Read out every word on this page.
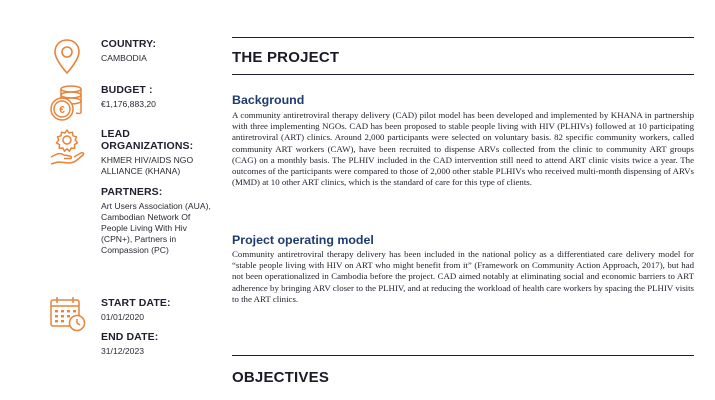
COUNTRY:
CAMBODIA
€
BUDGET :
€1,176,883,20
LEAD ORGANIZATIONS:
KHMER HIV/AIDS NGO ALLIANCE (KHANA)
PARTNERS:
Art Users Association (AUA), Cambodian Network Of People Living With Hiv (CPN+), Partners in Compassion (PC)
START DATE:
01/01/2020
END DATE:
31/12/2023
THE PROJECT
Background
A community antiretroviral therapy delivery (CAD) pilot model has been developed and implemented by KHANA in partnership with three implementing NGOs. CAD has been proposed to stable people living with HIV (PLHIVs) followed at 10 participating antiretroviral (ART) clinics. Around 2,000 participants were selected on voluntary basis. 82 specific community workers, called community ART workers (CAW), have been recruited to dispense ARVs collected from the clinic to community ART groups (CAG) on a monthly basis. The PLHIV included in the CAD intervention still need to attend ART clinic visits twice a year. The outcomes of the participants were compared to those of 2,000 other stable PLHIVs who received multi-month dispensing of ARVs (MMD) at 10 other ART clinics, which is the standard of care for this type of clients.
Project operating model
Community antiretroviral therapy delivery has been included in the national policy as a differentiated care delivery model for “stable people living with HIV on ART who might benefit from it” (Framework on Community Action Approach, 2017), but had not been operationalized in Cambodia before the project. CAD aimed notably at eliminating social and economic barriers to ART adherence by bringing ARV closer to the PLHIV, and at reducing the workload of health care workers by spacing the PLHIV visits to the ART clinics.
OBJECTIVES
